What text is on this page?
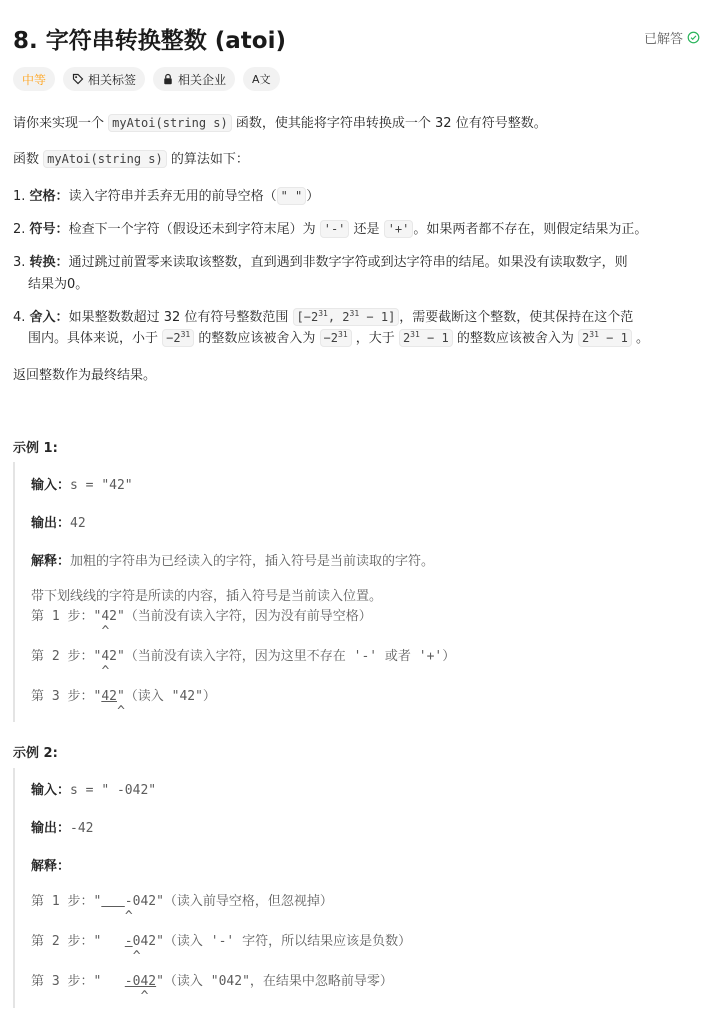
8. 字符串转换整数 (atoi)	已解答
中等	相关标签	相关企业 A文
请你来实现一个 myAtoi(string s) 函数，使其能将字符串转换成一个 32 位有符号整数。
函数 myAtoi(string s) 的算法如下：
1. 空格：读入字符串并丢弃无用的前导空格（ " " ）
2. 符号：检查下一个字符（假设还未到字符末尾）为 '-' 还是 '+' 。如果两者都不存在，则假定结果为正。
3. 转换：通过跳过前置零来读取该整数，直到遇到非数字字符或到达字符串的结尾。如果没有读取数字，则
结果为0。
4. 舍入：如果整数数超过 32 位有符号整数范围 [$-2^{31}$, $2^{31} - 1$] ，需要截断这个整数，使其保持在这个范
围内。具体来说，小于 $-2^{31}$ 的整数应该被舍入为 $-2^{31}$ ，大于 $2^{31} - 1$ 的整数应该被舍入为 $2^{31} - 1$ 。
返回整数作为最终结果。
示例 1:
输入：s = "42"
输出：42
解释：加粗的字符串为已经读入的字符，插入符号是当前读取的字符。
带下划线线的字符是所读的内容，插入符号是当前读入位置。
第 1 步："42"（当前没有读入字符，因为没有前导空格）
^
第 2 步："42"（当前没有读入字符，因为这里不存在 '-' 或者 '+'）
^
第 3 步："42"（读入 "42"）
^
示例 2:
输入：s = " -042"
输出：-42
解释：
第 1 步：" -042"（读入前导空格，但忽视掉）
^
第 2 步："   -042"（读入 '-' 字符，所以结果应该是负数）
^
第 3 步："   -042"（读入 "042"，在结果中忽略前导零）
^
